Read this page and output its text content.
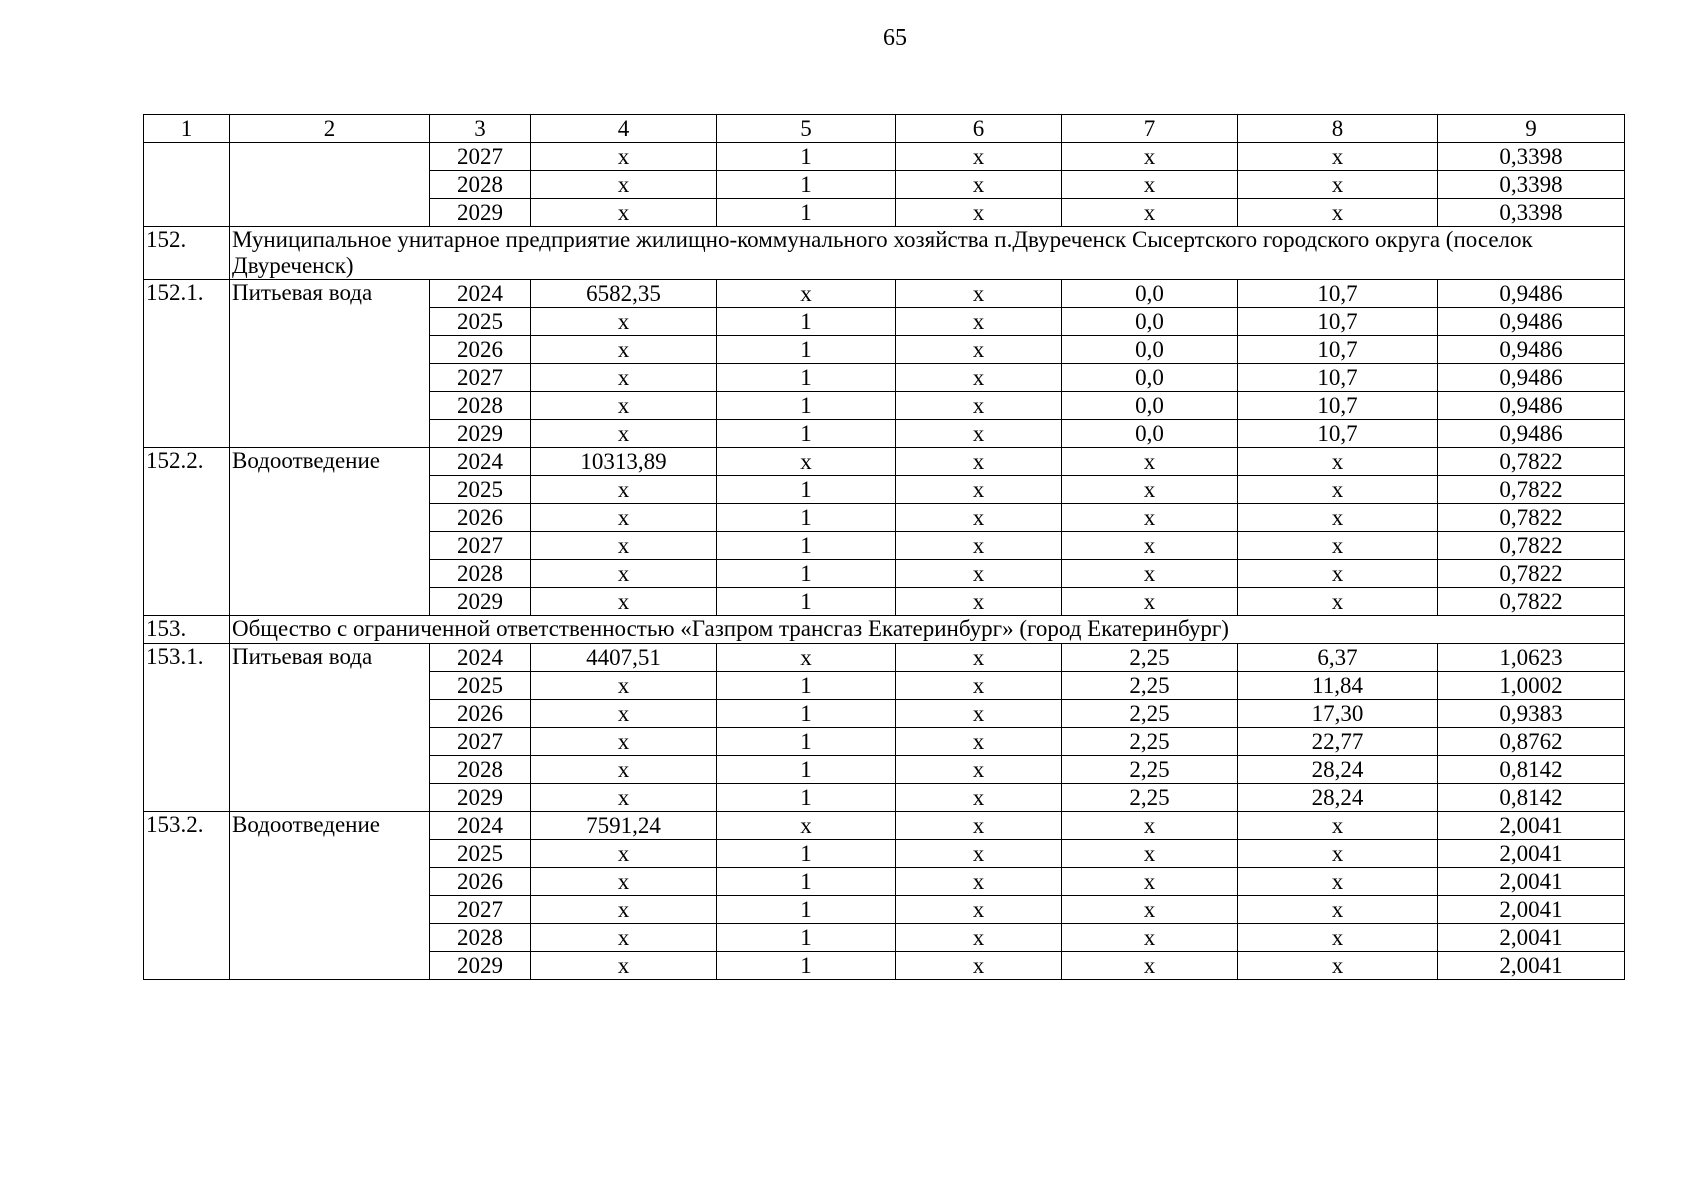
65
1	2	3	4	5	6	7	8	9
		2027	x	1	x	x	x	0,3398
		2028	x	1	x	x	x	0,3398
		2029	x	1	x	x	x	0,3398
152.	Муниципальное унитарное предприятие жилищно-коммунального хозяйства п.Двуреченск Сысертского городского округа (поселок Двуреченск)							
152.1.	Питьевая вода	2024	6582,35	x	x	0,0	10,7	0,9486
		2025	x	1	x	0,0	10,7	0,9486
		2026	x	1	x	0,0	10,7	0,9486
		2027	x	1	x	0,0	10,7	0,9486
		2028	x	1	x	0,0	10,7	0,9486
		2029	x	1	x	0,0	10,7	0,9486
152.2.	Водоотведение	2024	10313,89	x	x	x	x	0,7822
		2025	x	1	x	x	x	0,7822
		2026	x	1	x	x	x	0,7822
		2027	x	1	x	x	x	0,7822
		2028	x	1	x	x	x	0,7822
		2029	x	1	x	x	x	0,7822
153.	Общество с ограниченной ответственностью «Газпром трансгаз Екатеринбург» (город Екатеринбург)							
153.1.	Питьевая вода	2024	4407,51	x	x	2,25	6,37	1,0623
		2025	x	1	x	2,25	11,84	1,0002
		2026	x	1	x	2,25	17,30	0,9383
		2027	x	1	x	2,25	22,77	0,8762
		2028	x	1	x	2,25	28,24	0,8142
		2029	x	1	x	2,25	28,24	0,8142
153.2.	Водоотведение	2024	7591,24	x	x	x	x	2,0041
		2025	x	1	x	x	x	2,0041
		2026	x	1	x	x	x	2,0041
		2027	x	1	x	x	x	2,0041
		2028	x	1	x	x	x	2,0041
		2029	x	1	x	x	x	2,0041
